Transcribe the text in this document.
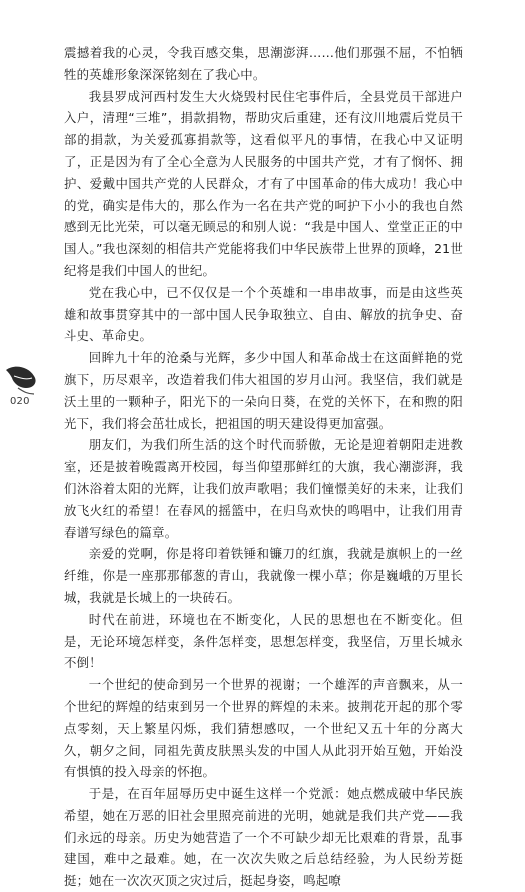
020

震撼着我的心灵，令我百感交集，思潮澎湃……他们那强不屈，不怕牺牲的英雄形象深深铭刻在了我心中。

我县罗成河西村发生大火烧毁村民住宅事件后，全县党员干部进户入户，清理“三堆”，捐款捐物，帮助灾后重建，还有汶川地震后党员干部的捐款，为关爱孤寡捐款等，这看似平凡的事情，在我心中又证明了，正是因为有了全心全意为人民服务的中国共产党，才有了悯怀、拥护、爱戴中国共产党的人民群众，才有了中国革命的伟大成功！我心中的党，确实是伟大的，那么作为一名在共产党的呵护下小小的我也自然感到无比光荣，可以毫无顾忌的和别人说：“我是中国人、堂堂正正的中国人。”我也深刻的相信共产党能将我们中华民族带上世界的顶峰，21世纪将是我们中国人的世纪。

党在我心中，已不仅仅是一个个英雄和一串串故事，而是由这些英雄和故事贯穿其中的一部中国人民争取独立、自由、解放的抗争史、奋斗史、革命史。

回眸九十年的沧桑与光辉，多少中国人和革命战士在这面鲜艳的党旗下，历尽艰辛，改造着我们伟大祖国的岁月山河。我坚信，我们就是沃土里的一颗种子，阳光下的一朵向日葵，在党的关怀下，在和煦的阳光下，我们将会茁壮成长，把祖国的明天建设得更加富强。

朋友们，为我们所生活的这个时代而骄傲，无论是迎着朝阳走进教室，还是披着晚霞离开校园，每当仰望那鲜红的大旗，我心潮澎湃，我们沐浴着太阳的光辉，让我们放声歌唱；我们憧憬美好的未来，让我们放飞火红的希望！在春风的摇篮中，在归鸟欢快的鸣唱中，让我们用青春谱写绿色的篇章。

亲爱的党啊，你是将印着铁锤和镰刀的红旗，我就是旗帜上的一丝纤维，你是一座那那郁葱的青山，我就像一棵小草；你是巍峨的万里长城，我就是长城上的一块砖石。

时代在前进，环境也在不断变化，人民的思想也在不断变化。但是，无论环境怎样变，条件怎样变，思想怎样变，我坚信，万里长城永不倒！

一个世纪的使命到另一个世界的视谢；一个雄浑的声音飘来，从一个世纪的辉煌的结束到另一个世界的辉煌的未来。披荆花开起的那个零点零刻，天上繁星闪烁，我们猜想感叹，一个世纪又五十年的分离大久，朝夕之间，同祖先黄皮肤黑头发的中国人从此羽开始互勉，开始没有惧慎的投入母亲的怀抱。

于是，在百年屈辱历史中诞生这样一个党派：她点燃成破中华民族希望，她在万恶的旧社会里照亮前进的光明，她就是我们共产党——我们永远的母亲。历史为她营造了一个不可缺少却无比艰难的背景，乱事建国，难中之最难。她，在一次次失败之后总结经验，为人民纷芳挺挺；她在一次次灭顶之灾过后，挺起身姿，鸣起嘹
